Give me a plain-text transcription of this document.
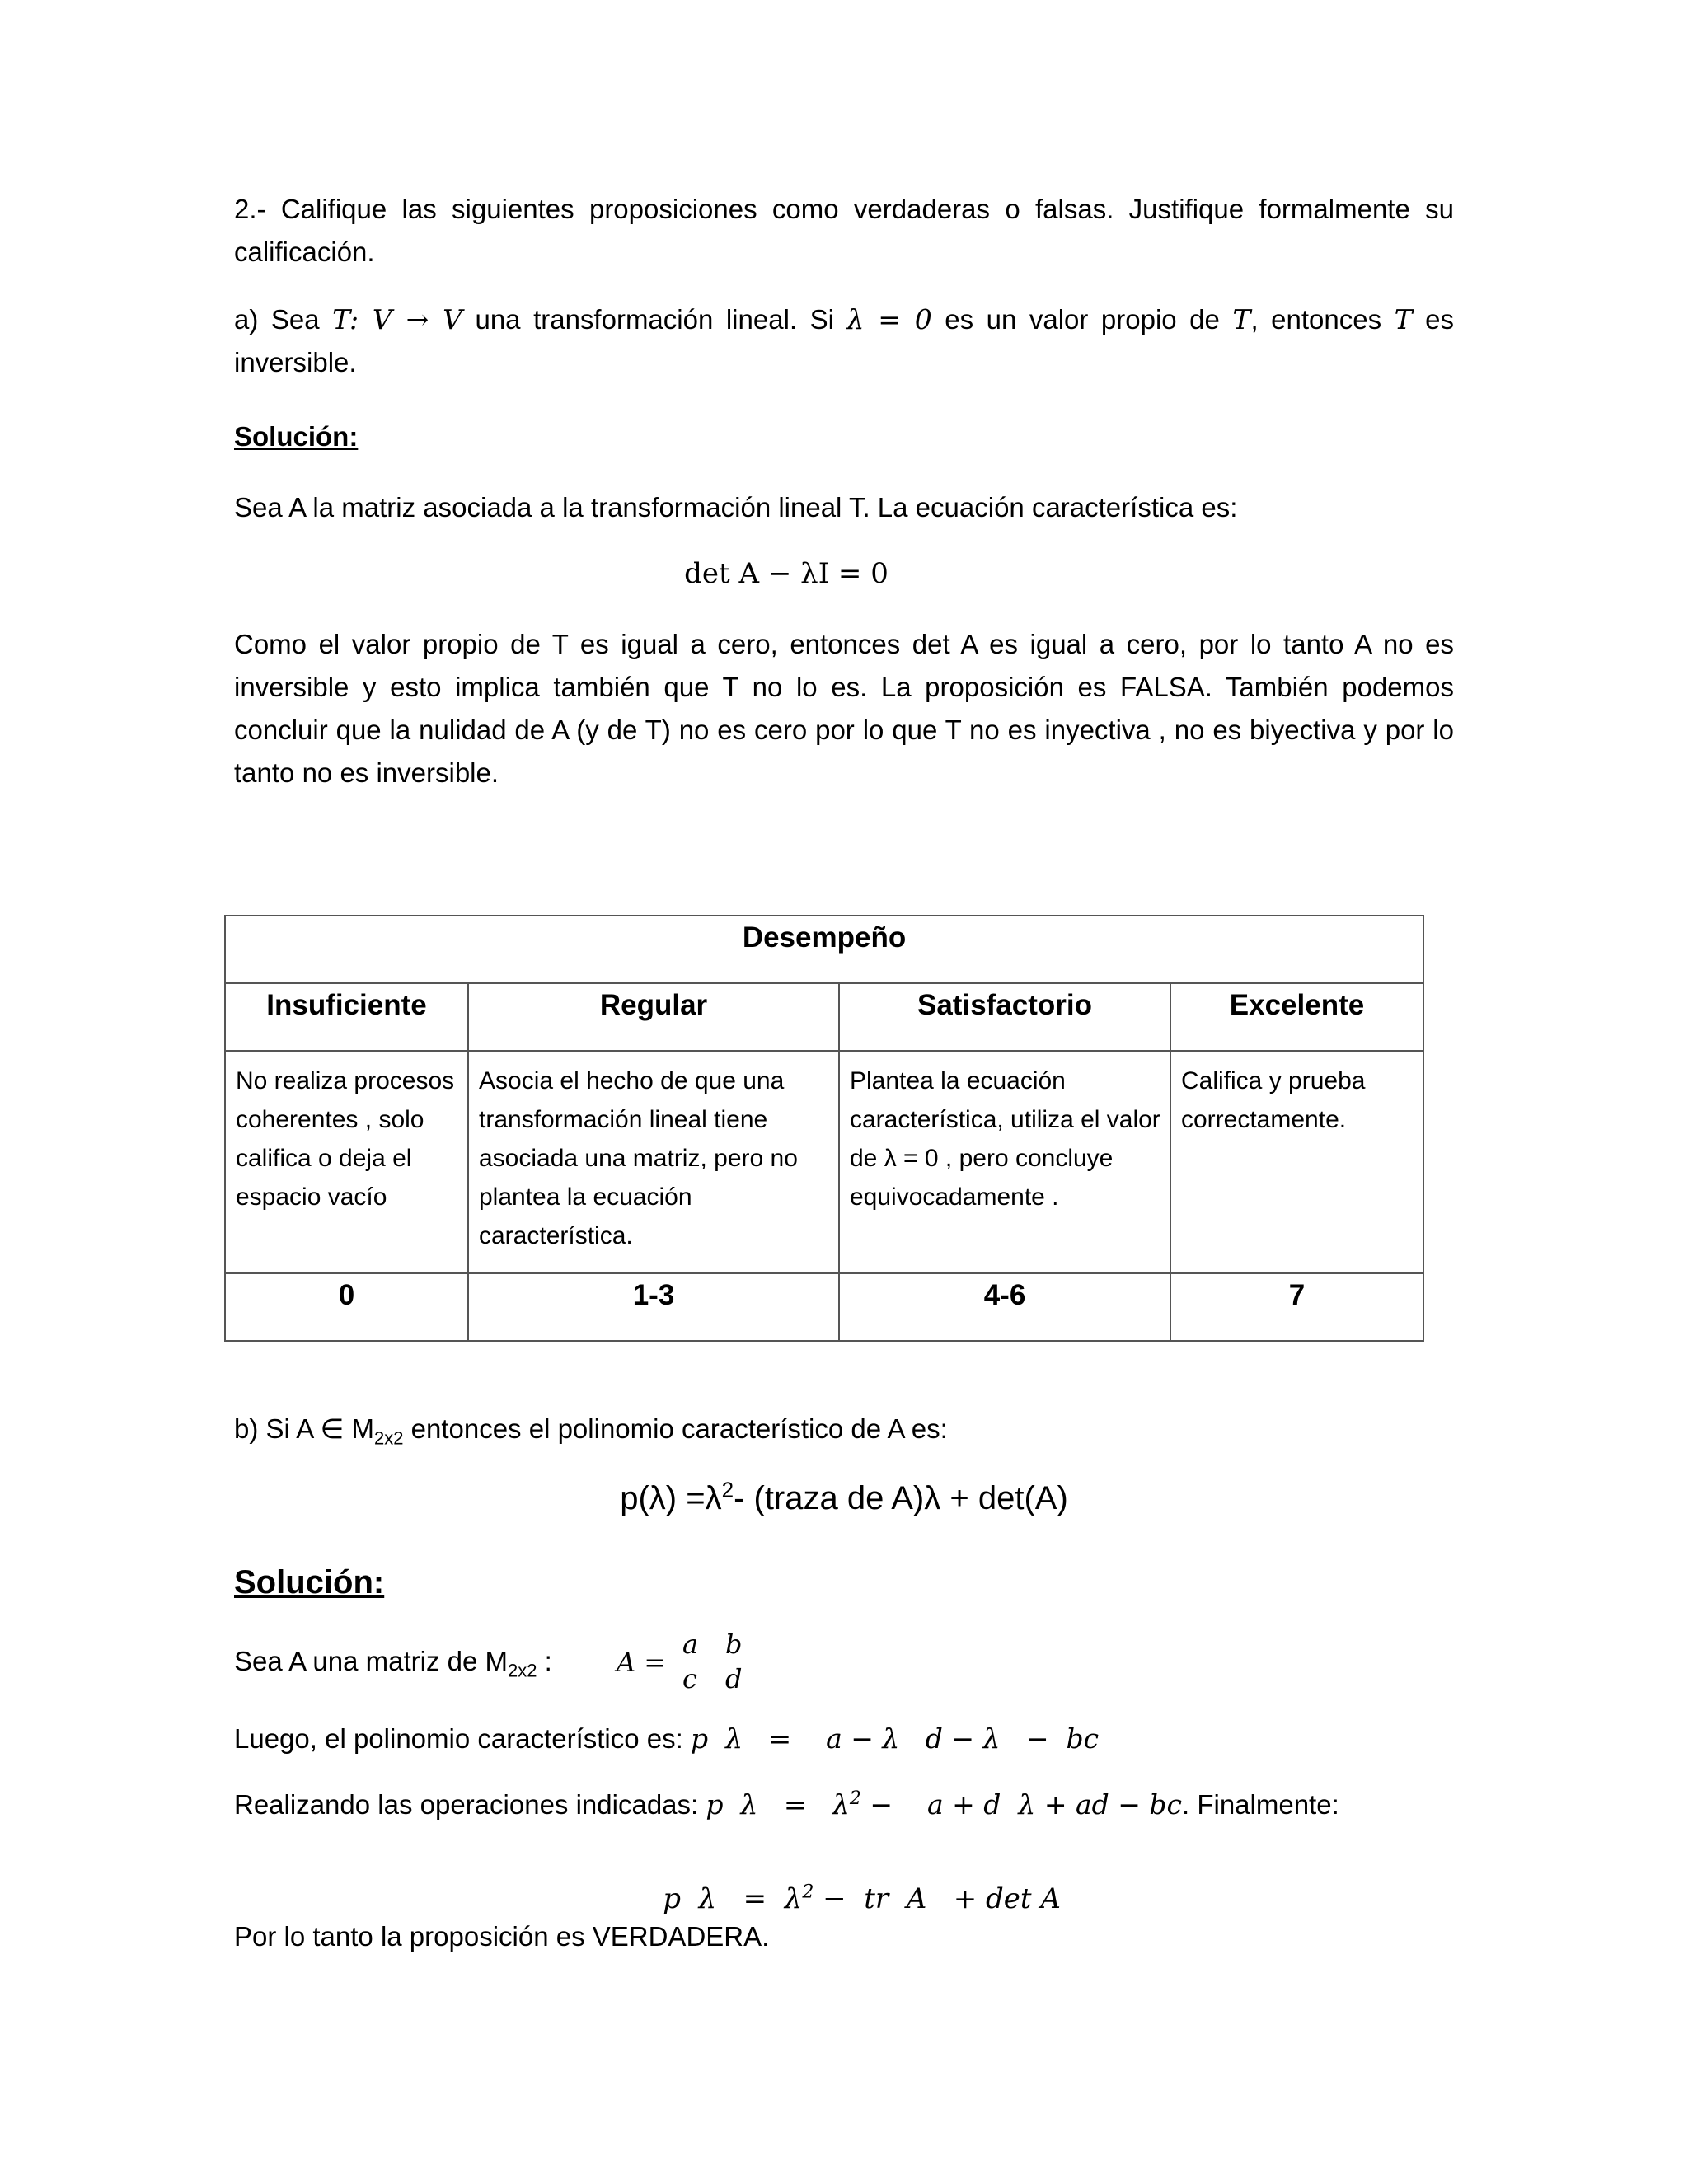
2.- Califique las siguientes proposiciones como verdaderas o falsas. Justifique formalmente su calificación.
a) Sea T: V → V una transformación lineal. Si λ = 0 es un valor propio de T, entonces T es inversible.
Solución:
Sea A la matriz asociada a la transformación lineal T. La ecuación característica es:
det A − λI = 0
Como el valor propio de T es igual a cero, entonces det A es igual a cero, por lo tanto A no es inversible y esto implica también que T no lo es. La proposición es FALSA. También podemos concluir que la nulidad de A (y de T) no es cero por lo que T no es inyectiva , no es biyectiva y por lo tanto no es inversible.
Desempeño			
Insuficiente	Regular	Satisfactorio	Excelente
No realiza procesos coherentes , solo califica o deja el espacio vacío	Asocia el hecho de que una transformación lineal tiene asociada una matriz, pero no plantea la ecuación característica.	Plantea la ecuación característica, utiliza el valor de λ = 0 , pero concluye equivocadamente .	Califica y prueba correctamente.
0	1-3	4-6	7
b) Si A ∈ $M_{2x2}$ entonces el polinomio característico de A es:
$p(\lambda) =\lambda^2-$ (traza de A)λ + det(A)
Solución:
Sea A una matriz de $M_{2x2}$ :	A =
a b
c d
Luego, el polinomio característico es: p  λ   =    a − λ   d − λ   −  bc
Realizando las operaciones indicadas: p  $\lambda = \lambda^2$ −    a + d  λ + ad − bc. Finalmente:

p  $\lambda = \lambda^2$ −  tr  A   + det A

Por lo tanto la proposición es VERDADERA.
